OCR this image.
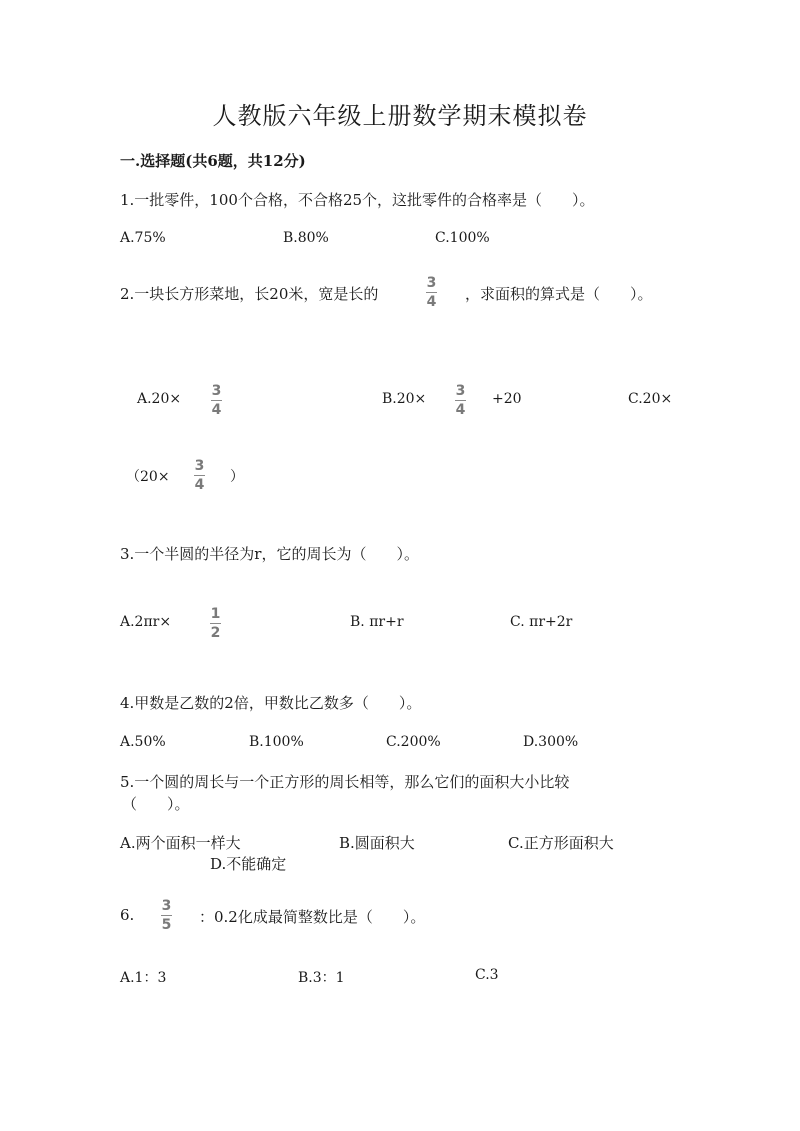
人教版六年级上册数学期末模拟卷
一.选择题(共6题，共12分)
1.一批零件，100个合格，不合格25个，这批零件的合格率是（　　）。
A.75%	B.80%	C.100%
2.一块长方形菜地，长20米，宽是长的
3
4 ，求面积的算式是（　　）。
A.20× 3
4
B.20× 3
4
+20	C.20×
（20×
3
4 ）
3.一个半圆的半径为r，它的周长为（　　）。
A.2πr×	1
2
B. πr+r	C. πr+2r
4.甲数是乙数的2倍，甲数比乙数多（　　）。
A.50%	B.100%	C.200%	D.300%
5.一个圆的周长与一个正方形的周长相等，那么它们的面积大小比较
（　　）。
A.两个面积一样大	B.圆面积大	C.正方形面积大
D.不能确定
6. 3
5 ：0.2化成最简整数比是（　　）。
A.1：3	B.3：1	C.3
